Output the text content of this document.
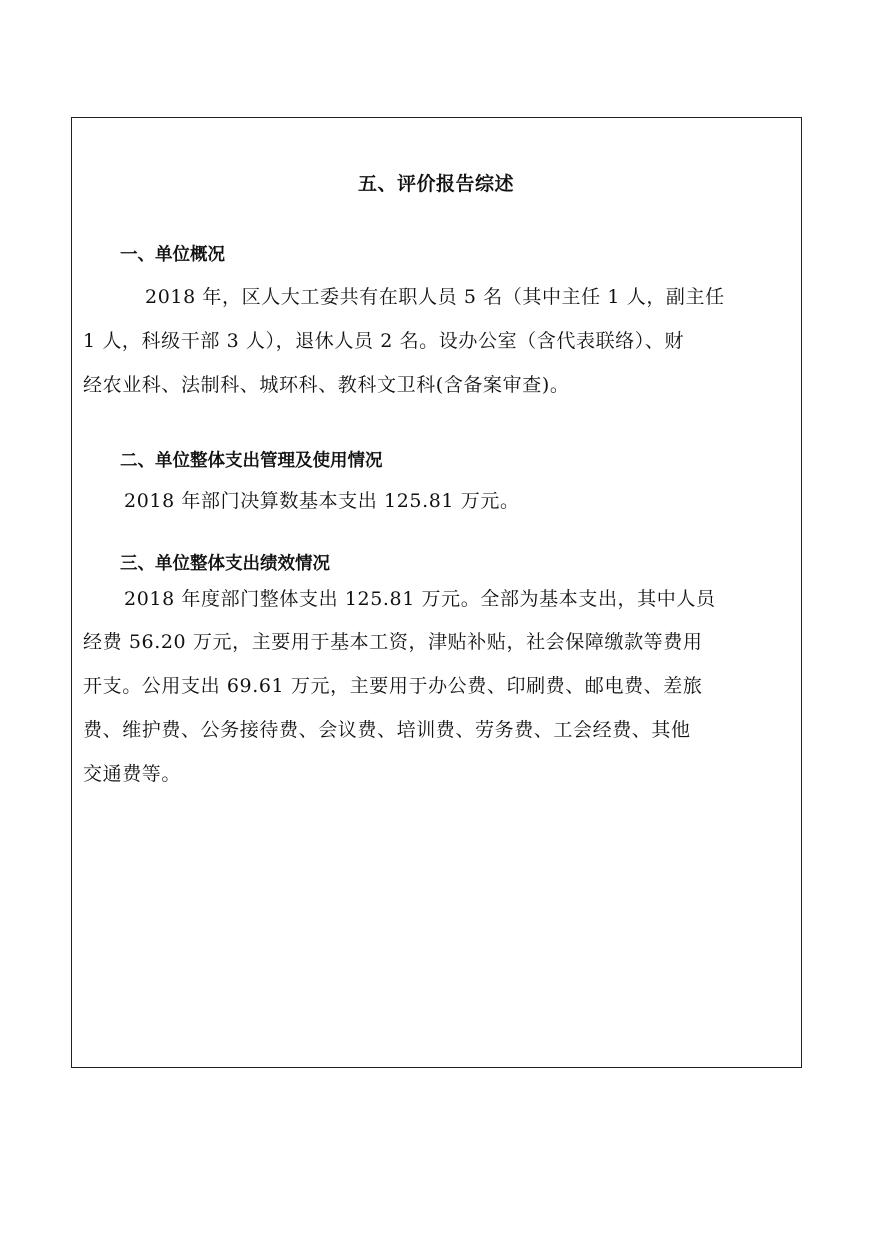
五、评价报告综述
一、单位概况
2018 年，区人大工委共有在职人员 5 名（其中主任 1 人，副主任
1 人，科级干部 3 人），退休人员 2 名。设办公室（含代表联络）、财
经农业科、法制科、城环科、教科文卫科(含备案审查)。
二、单位整体支出管理及使用情况
2018 年部门决算数基本支出 125.81 万元。
三、单位整体支出绩效情况
2018 年度部门整体支出 125.81 万元。全部为基本支出，其中人员
经费 56.20 万元，主要用于基本工资，津贴补贴，社会保障缴款等费用
开支。公用支出 69.61 万元，主要用于办公费、印刷费、邮电费、差旅
费、维护费、公务接待费、会议费、培训费、劳务费、工会经费、其他
交通费等。
